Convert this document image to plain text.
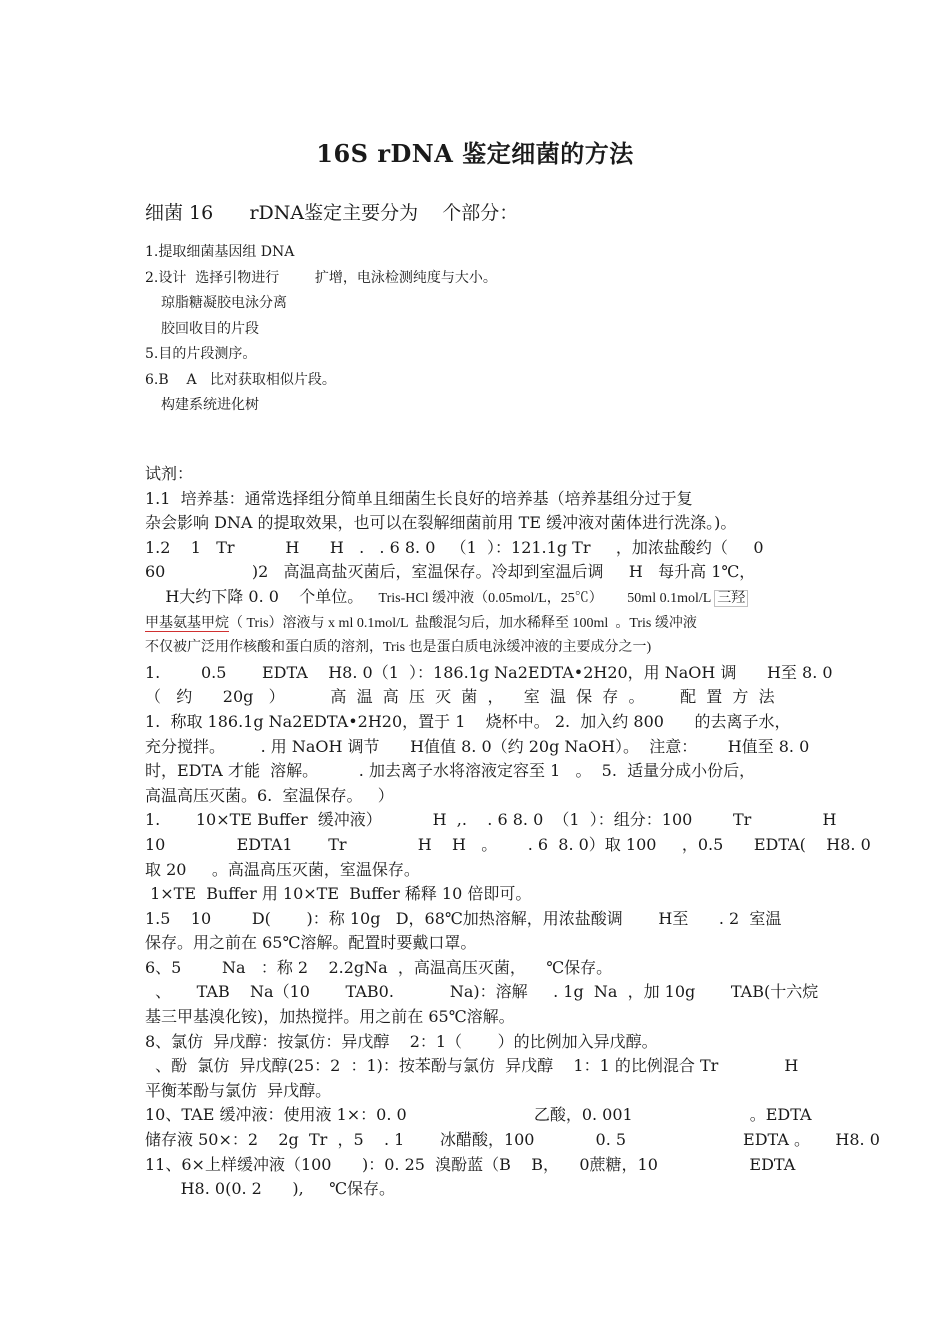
16S rDNA 鉴定细菌的方法
细菌 16      rDNA鉴定主要分为    个部分：
1.提取细菌基因组 DNA
2.设计  选择引物进行        扩增，电泳检测纯度与大小。
琼脂糖凝胶电泳分离
胶回收目的片段
5.目的片段测序。
6.B    A   比对获取相似片段。
构建系统进化树
试剂：
1.1  培养基：通常选择组分简单且细菌生长良好的培养基（培养基组分过于复
杂会影响 DNA 的提取效果，也可以在裂解细菌前用 TE 缓冲液对菌体进行洗涤。)。
1.2    1   Tr          H      H   .   . 6 8. 0   （1  ）：121.1g Tr     ，加浓盐酸约（     0
60                 )2   高温高盐灭菌后，室温保存。冷却到室温后调     H   每升高 1℃，
H大约下降 0. 0    个单位。   Tris-HCl 缓冲液（0.05mol/L，25℃）       50ml 0.1mol/L 三羟
甲基氨基甲烷（ Tris）溶液与 x ml 0.1mol/L  盐酸混匀后，加水稀释至 100ml  。Tris 缓冲液
不仅被广泛用作核酸和蛋白质的溶剂，Tris 也是蛋白质电泳缓冲液的主要成分之一)
1.        0.5       EDTA    H8. 0（1  ）：186.1g Na2EDTA•2H20，用 NaOH 调      H至 8. 0
（   约      20g   ）         高  温  高  压  灭  菌  ，    室  温  保  存  。       配  置  方  法
1.  称取 186.1g Na2EDTA•2H20，置于 1    烧杯中。 2.  加入约 800      的去离子水，
充分搅拌。       . 用 NaOH 调节      H值值 8. 0（约 20g NaOH）。  注意：      H值至 8. 0
时，EDTA 才能  溶解。        . 加去离子水将溶液定容至 1   。  5.  适量分成小份后，
高温高压灭菌。6.  室温保存。   ）
1.       10×TE Buffer  缓冲液）          H  ,.    . 6 8. 0  （1  ）：组分：100        Tr              H
10              EDTA1       Tr              H    H   。      . 6  8. 0）取 100     ，0.5      EDTA(    H8. 0
取 20     。高温高压灭菌，室温保存。
1×TE  Buffer 用 10×TE  Buffer 稀释 10 倍即可。
1.5    10        D(       )：称 10g   D，68℃加热溶解，用浓盐酸调       H至      . 2  室温
保存。用之前在 65℃溶解。配置时要戴口罩。
6、5        Na   ：称 2    2.2gNa  ，高温高压灭菌，    ℃保存。
、     TAB    Na（10       TAB0.           Na)：溶解     . 1g  Na  ，加 10g       TAB(十六烷
基三甲基溴化铵)，加热搅拌。用之前在 65℃溶解。
8、氯仿  异戊醇：按氯仿：异戊醇    2：1（       ）的比例加入异戊醇。
、酚  氯仿  异戊醇(25：2  ：1)：按苯酚与氯仿  异戊醇    1：1 的比例混合 Tr             H
平衡苯酚与氯仿  异戊醇。
10、TAE 缓冲液：使用液 1×：0. 0                         乙酸，0. 001                       。EDTA
储存液 50×：2    2g  Tr  ，5    . 1       冰醋酸，100            0. 5                       EDTA 。     H8. 0
11、6×上样缓冲液（100      )：0. 25  溴酚蓝（B    B，    0蔗糖，10                  EDTA
H8. 0(0. 2      ),     ℃保存。
